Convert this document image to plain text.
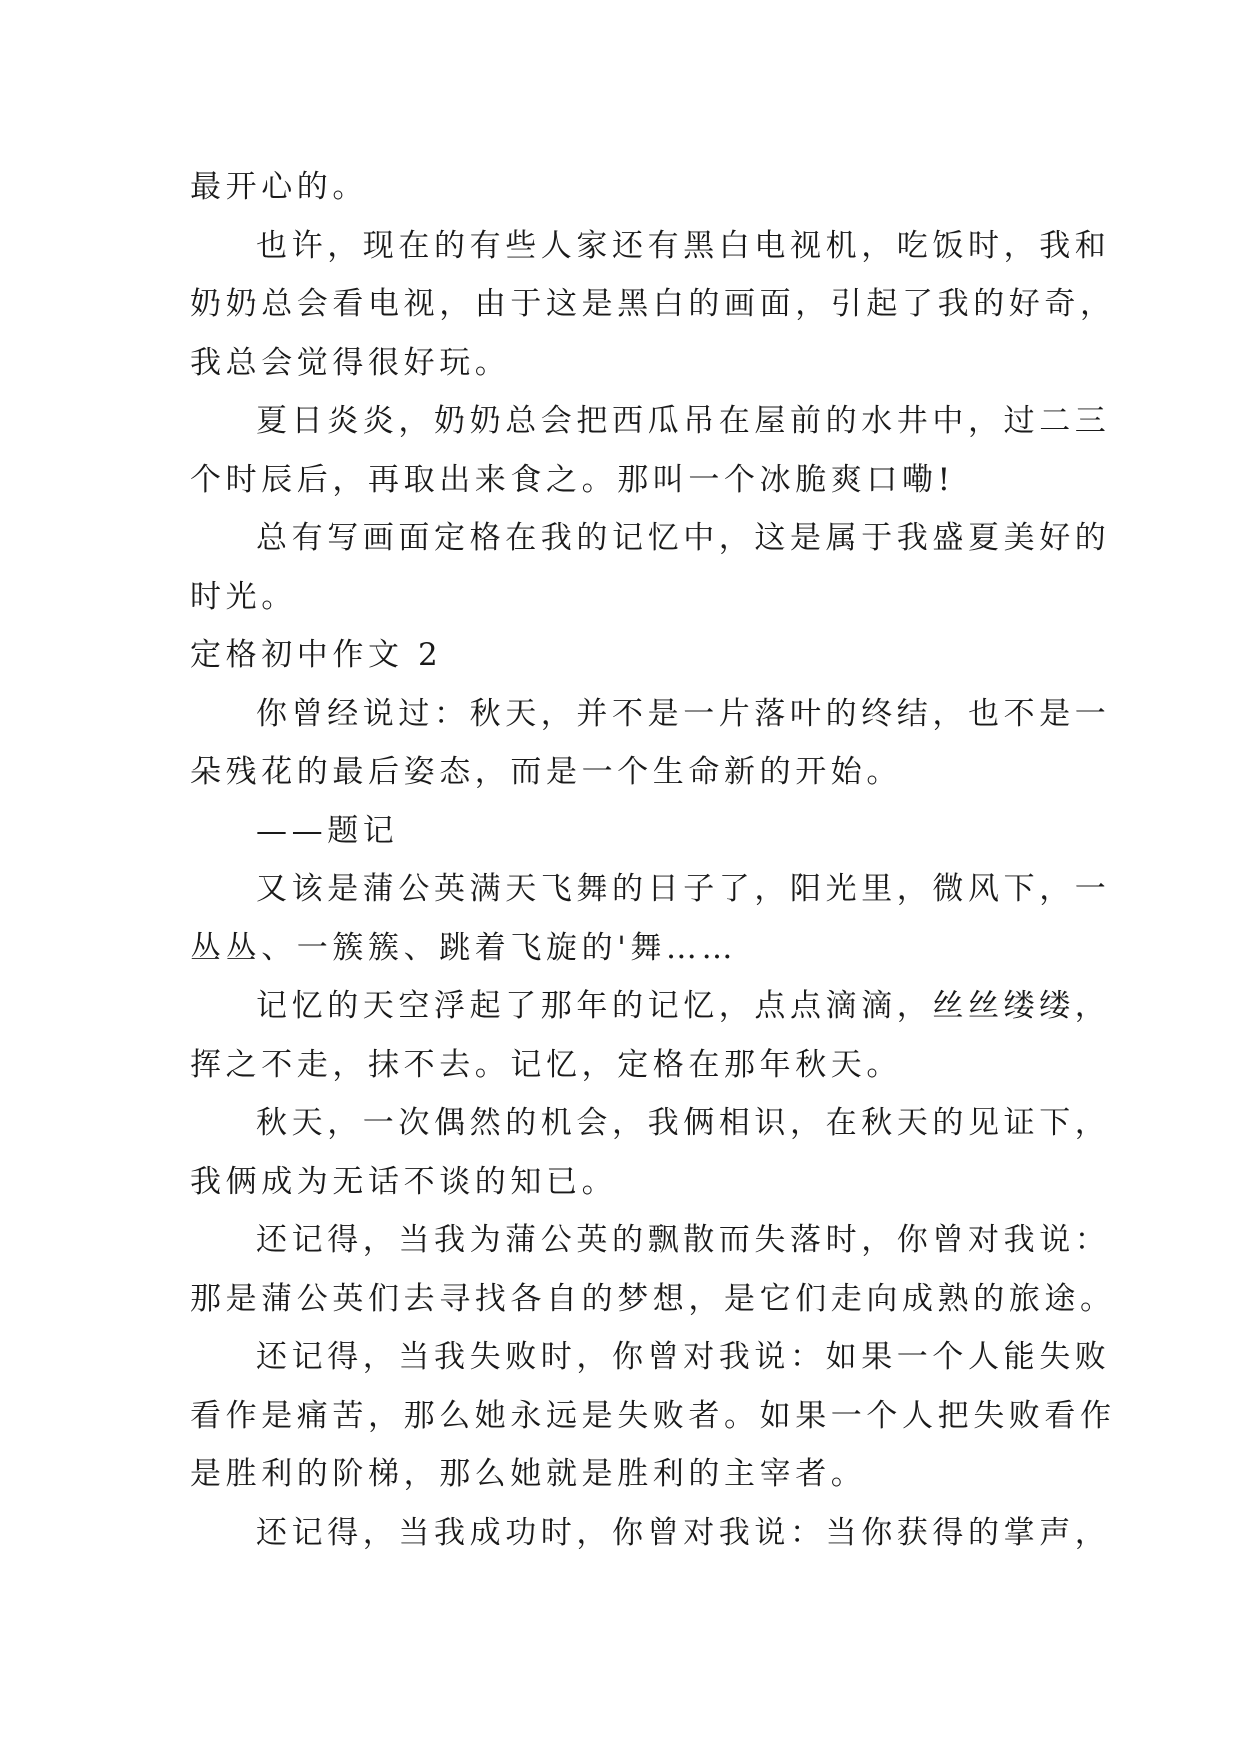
最开心的。
也许，现在的有些人家还有黑白电视机，吃饭时，我和
奶奶总会看电视，由于这是黑白的画面，引起了我的好奇，
我总会觉得很好玩。
夏日炎炎，奶奶总会把西瓜吊在屋前的水井中，过二三
个时辰后，再取出来食之。那叫一个冰脆爽口嘞!
总有写画面定格在我的记忆中，这是属于我盛夏美好的
时光。
定格初中作文 2
你曾经说过：秋天，并不是一片落叶的终结，也不是一
朵残花的最后姿态，而是一个生命新的开始。
——题记
又该是蒲公英满天飞舞的日子了，阳光里，微风下，一
丛丛、一簇簇、跳着飞旋的'舞……
记忆的天空浮起了那年的记忆，点点滴滴，丝丝缕缕，
挥之不走，抹不去。记忆，定格在那年秋天。
秋天，一次偶然的机会，我俩相识，在秋天的见证下，
我俩成为无话不谈的知已。
还记得，当我为蒲公英的飘散而失落时，你曾对我说：
那是蒲公英们去寻找各自的梦想，是它们走向成熟的旅途。
还记得，当我失败时，你曾对我说：如果一个人能失败
看作是痛苦，那么她永远是失败者。如果一个人把失败看作
是胜利的阶梯，那么她就是胜利的主宰者。
还记得，当我成功时，你曾对我说：当你获得的掌声，
